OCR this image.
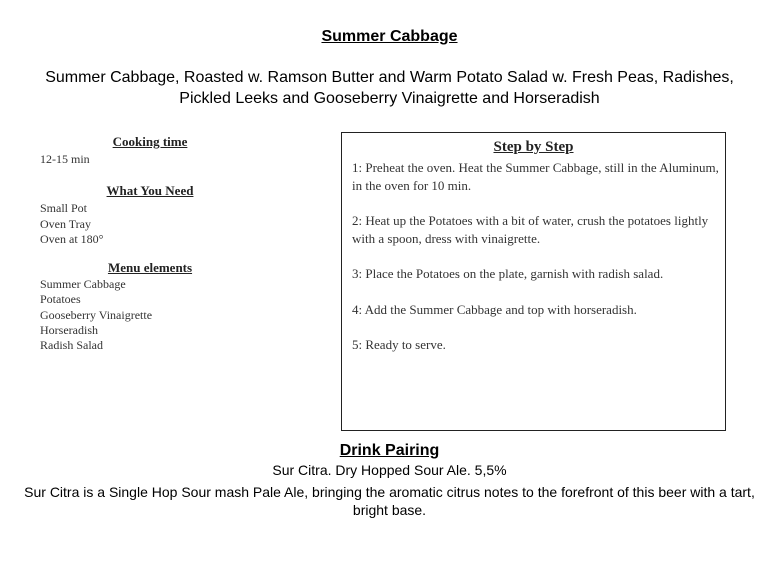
Summer Cabbage
Summer Cabbage, Roasted w. Ramson Butter and Warm Potato Salad w. Fresh Peas, Radishes, Pickled Leeks and Gooseberry Vinaigrette and Horseradish
Cooking time
12-15 min
What You Need
Small Pot
Oven Tray
Oven at 180°
Menu elements
Summer Cabbage
Potatoes
Gooseberry Vinaigrette
Horseradish
Radish Salad
Step by Step
1: Preheat the oven. Heat the Summer Cabbage, still in the Aluminum, in the oven for 10 min.
2: Heat up the Potatoes with a bit of water, crush the potatoes lightly with a spoon, dress with vinaigrette.
3: Place the Potatoes on the plate, garnish with radish salad.
4: Add the Summer Cabbage and top with horseradish.
5: Ready to serve.
Drink Pairing
Sur Citra. Dry Hopped Sour Ale. 5,5%
Sur Citra is a Single Hop Sour mash Pale Ale, bringing the aromatic citrus notes to the forefront of this beer with a tart, bright base.
